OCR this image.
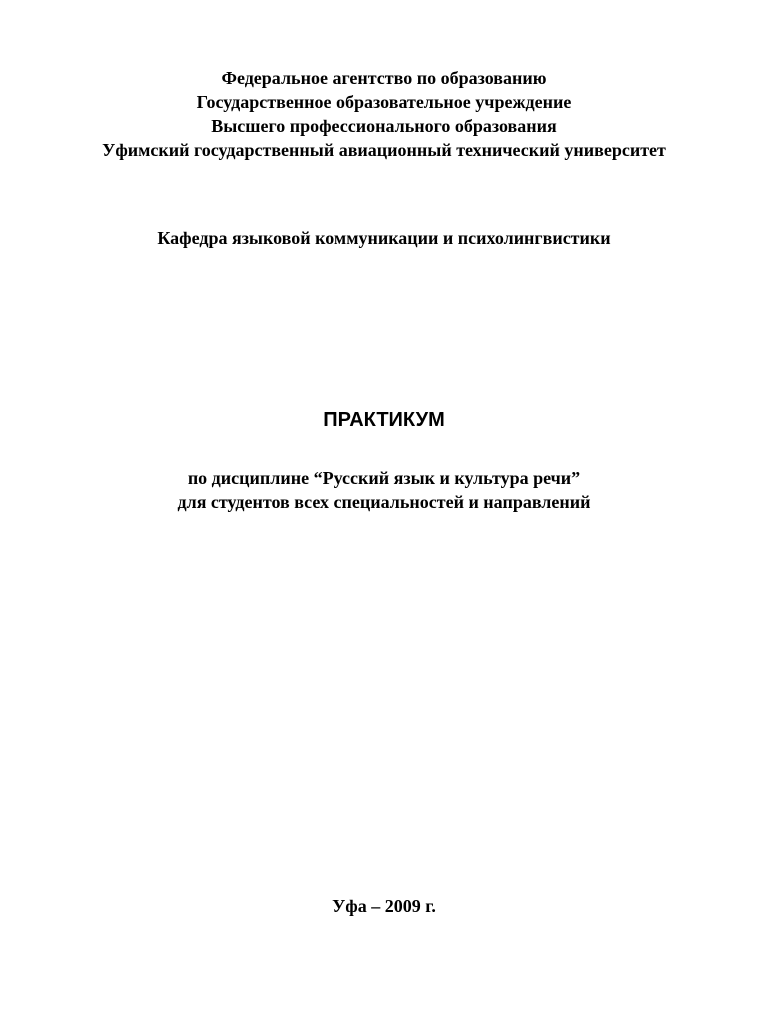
Федеральное агентство по образованию
Государственное образовательное учреждение
Высшего профессионального образования
Уфимский государственный авиационный технический университет
Кафедра языковой коммуникации и психолингвистики
ПРАКТИКУМ
по дисциплине “Русский язык и культура речи”
для студентов всех специальностей и направлений
Уфа – 2009 г.
